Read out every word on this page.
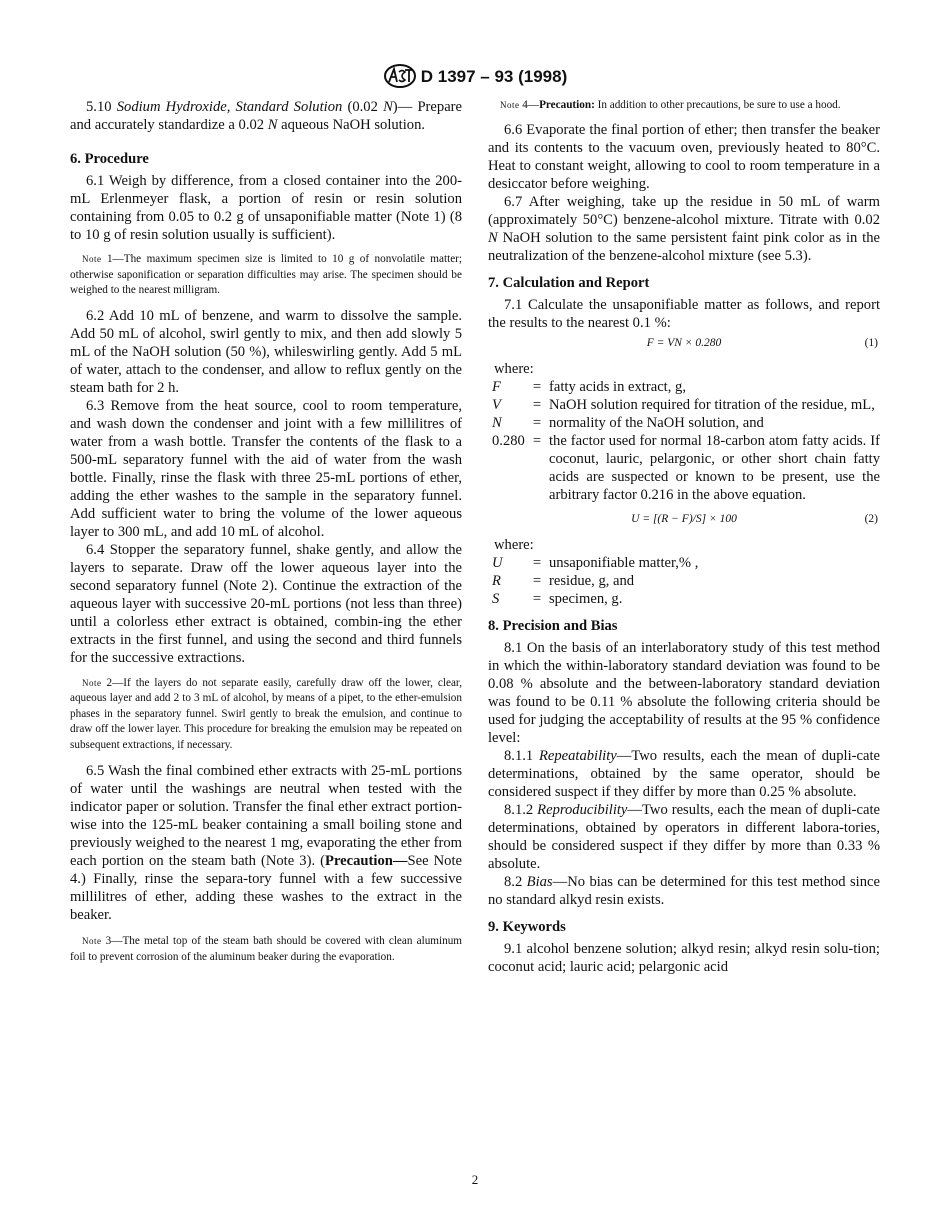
D 1397 – 93 (1998)

5.10 Sodium Hydroxide, Standard Solution (0.02 N)— Prepare and accurately standardize a 0.02 N aqueous NaOH solution.

6. Procedure

6.1 Weigh by difference, from a closed container into the 200-mL Erlenmeyer flask, a portion of resin or resin solution containing from 0.05 to 0.2 g of unsaponifiable matter (Note 1) (8 to 10 g of resin solution usually is sufficient).

Note 1—The maximum specimen size is limited to 10 g of nonvolatile matter; otherwise saponification or separation difficulties may arise. The specimen should be weighed to the nearest milligram.

6.2 Add 10 mL of benzene, and warm to dissolve the sample. Add 50 mL of alcohol, swirl gently to mix, and then add slowly 5 mL of the NaOH solution (50 %), whileswirling gently. Add 5 mL of water, attach to the condenser, and allow to reflux gently on the steam bath for 2 h.

6.3 Remove from the heat source, cool to room temperature, and wash down the condenser and joint with a few millilitres of water from a wash bottle. Transfer the contents of the flask to a 500-mL separatory funnel with the aid of water from the wash bottle. Finally, rinse the flask with three 25-mL portions of ether, adding the ether washes to the sample in the separatory funnel. Add sufficient water to bring the volume of the lower aqueous layer to 300 mL, and add 10 mL of alcohol.

6.4 Stopper the separatory funnel, shake gently, and allow the layers to separate. Draw off the lower aqueous layer into the second separatory funnel (Note 2). Continue the extraction of the aqueous layer with successive 20-mL portions (not less than three) until a colorless ether extract is obtained, combin-ing the ether extracts in the first funnel, and using the second and third funnels for the successive extractions.

Note 2—If the layers do not separate easily, carefully draw off the lower, clear, aqueous layer and add 2 to 3 mL of alcohol, by means of a pipet, to the ether-emulsion phases in the separatory funnel. Swirl gently to break the emulsion, and continue to draw off the lower layer. This procedure for breaking the emulsion may be repeated on subsequent extractions, if necessary.

6.5 Wash the final combined ether extracts with 25-mL portions of water until the washings are neutral when tested with the indicator paper or solution. Transfer the final ether extract portion-wise into the 125-mL beaker containing a small boiling stone and previously weighed to the nearest 1 mg, evaporating the ether from each portion on the steam bath (Note 3). (Precaution—See Note 4.) Finally, rinse the separa-tory funnel with a few successive millilitres of ether, adding these washes to the extract in the beaker.

Note 3—The metal top of the steam bath should be covered with clean aluminum foil to prevent corrosion of the aluminum beaker during the evaporation.
Note 4—Precaution: In addition to other precautions, be sure to use a hood.

6.6 Evaporate the final portion of ether; then transfer the beaker and its contents to the vacuum oven, previously heated to 80°C. Heat to constant weight, allowing to cool to room temperature in a desiccator before weighing.

6.7 After weighing, take up the residue in 50 mL of warm (approximately 50°C) benzene-alcohol mixture. Titrate with 0.02 N NaOH solution to the same persistent faint pink color as in the neutralization of the benzene-alcohol mixture (see 5.3).

7. Calculation and Report

7.1 Calculate the unsaponifiable matter as follows, and report the results to the nearest 0.1 %:

F = VN × 0.280	(1)
where:
F	=	fatty acids in extract, g,
V	=	NaOH solution required for titration of the residue, mL,
N	=	normality of the NaOH solution, and
0.280	=	the factor used for normal 18-carbon atom fatty acids. If coconut, lauric, pelargonic, or other short chain fatty acids are suspected or known to be present, use the arbitrary factor 0.216 in the above equation.
U = [(R − F)/S] × 100	(2)
where:
U	=	unsaponifiable matter,% ,
R	=	residue, g, and
S	=	specimen, g.
8. Precision and Bias

8.1 On the basis of an interlaboratory study of this test method in which the within-laboratory standard deviation was found to be 0.08 % absolute and the between-laboratory standard deviation was found to be 0.11 % absolute the following criteria should be used for judging the acceptability of results at the 95 % confidence level:

8.1.1 Repeatability—Two results, each the mean of dupli-cate determinations, obtained by the same operator, should be considered suspect if they differ by more than 0.25 % absolute.

8.1.2 Reproducibility—Two results, each the mean of dupli-cate determinations, obtained by operators in different labora-tories, should be considered suspect if they differ by more than 0.33 % absolute.

8.2 Bias—No bias can be determined for this test method since no standard alkyd resin exists.

9. Keywords

9.1 alcohol benzene solution; alkyd resin; alkyd resin solu-tion; coconut acid; lauric acid; pelargonic acid

2
